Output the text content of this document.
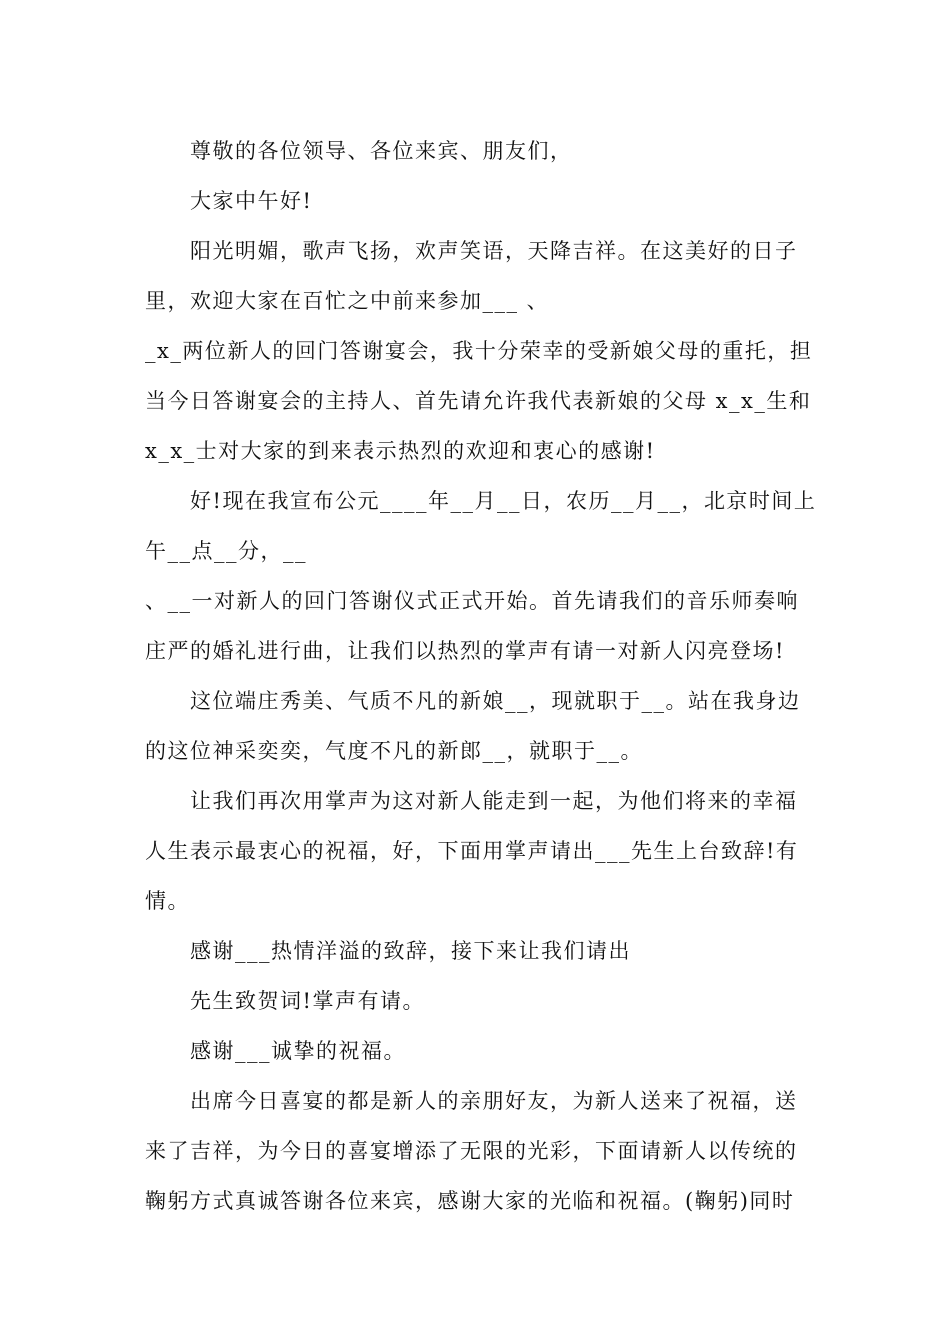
尊敬的各位领导、各位来宾、朋友们，
大家中午好!
阳光明媚，歌声飞扬，欢声笑语，天降吉祥。在这美好的日子
里，欢迎大家在百忙之中前来参加___ 、
_x_两位新人的回门答谢宴会，我十分荣幸的受新娘父母的重托，担
当今日答谢宴会的主持人、首先请允许我代表新娘的父母 x_x_生和
x_x_士对大家的到来表示热烈的欢迎和衷心的感谢!
好!现在我宣布公元____年__月__日，农历__月__，北京时间上
午__点__分，__
、__一对新人的回门答谢仪式正式开始。首先请我们的音乐师奏响
庄严的婚礼进行曲，让我们以热烈的掌声有请一对新人闪亮登场!
这位端庄秀美、气质不凡的新娘__，现就职于__。站在我身边
的这位神采奕奕，气度不凡的新郎__，就职于__。
让我们再次用掌声为这对新人能走到一起，为他们将来的幸福
人生表示最衷心的祝福，好，下面用掌声请出___先生上台致辞!有
情。
感谢___热情洋溢的致辞，接下来让我们请出
先生致贺词!掌声有请。
感谢___诚挚的祝福。
出席今日喜宴的都是新人的亲朋好友，为新人送来了祝福，送
来了吉祥，为今日的喜宴增添了无限的光彩，下面请新人以传统的
鞠躬方式真诚答谢各位来宾，感谢大家的光临和祝福。(鞠躬)同时
